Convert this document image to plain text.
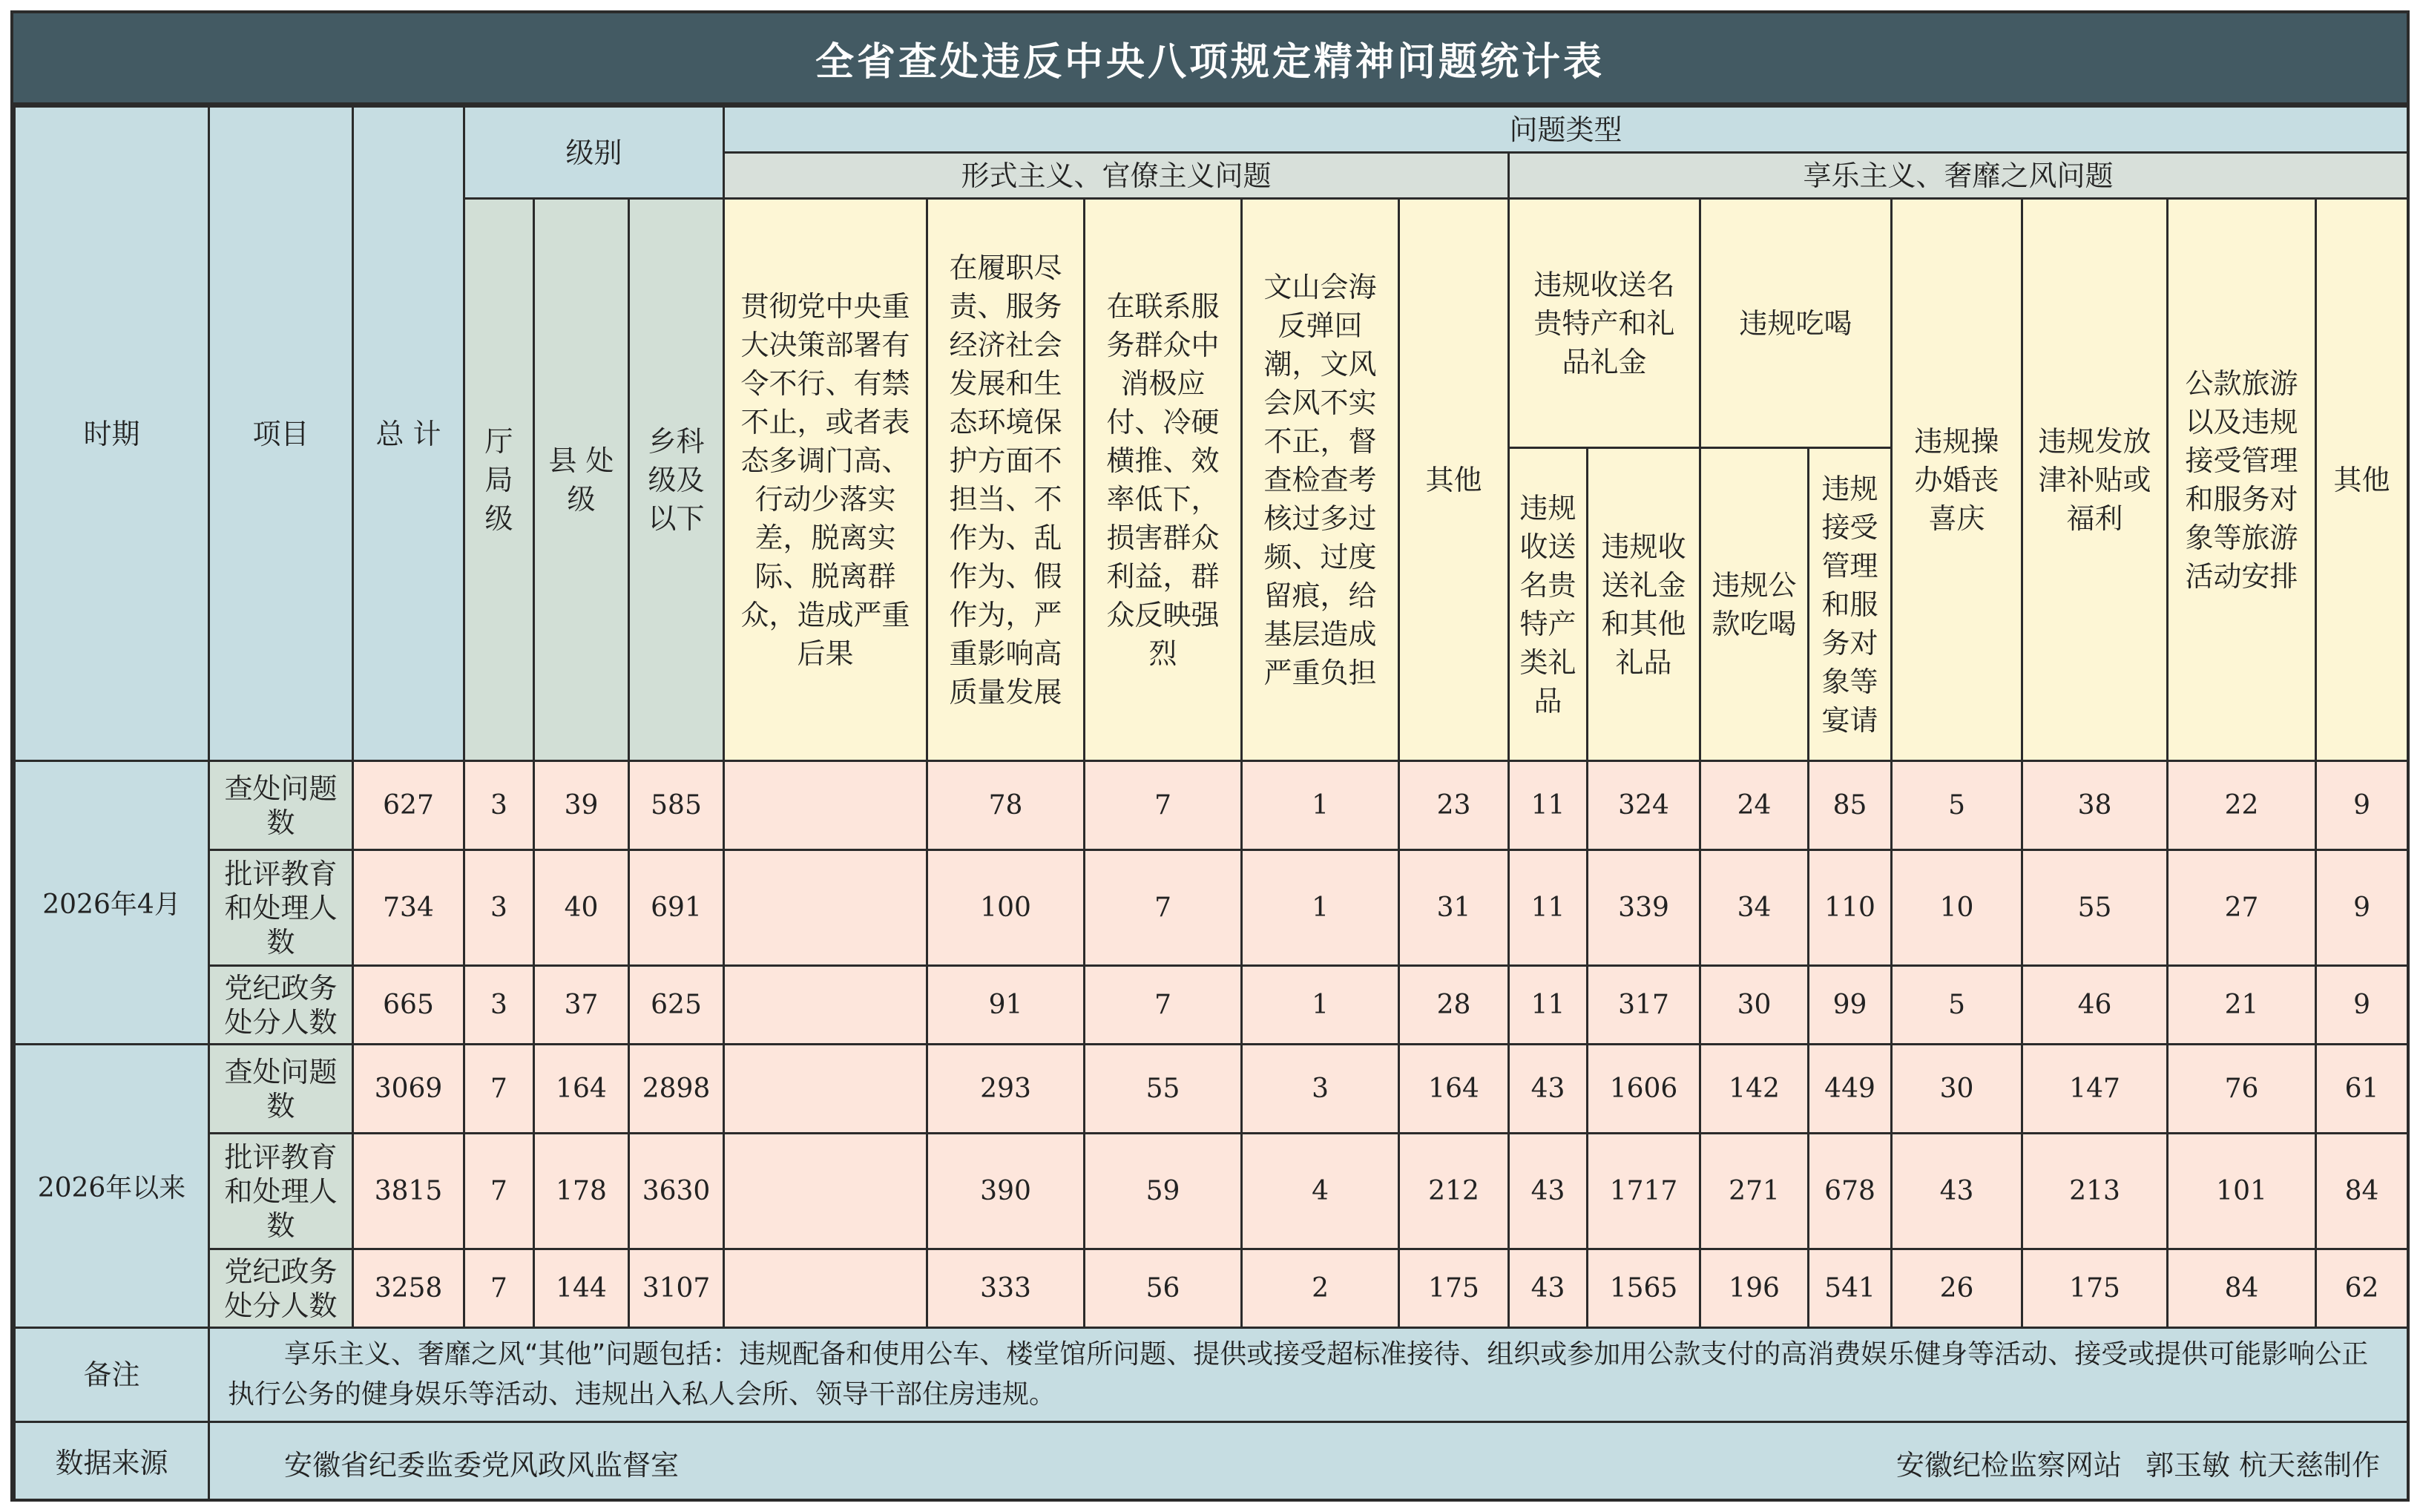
全省查处违反中央八项规定精神问题统计表
时期	项目	总 计	级别			问题类型												
						形式主义、官僚主义问题					享乐主义、奢靡之风问题							
			厅局级	县 处 级	乡科级及以下	贯彻党中央重大决策部署有令不行、有禁不止，或者表态多调门高、行动少落实差，脱离实际、脱离群众，造成严重后果	在履职尽责、服务经济社会发展和生态环境保护方面不担当、不作为、乱作为、假作为，严重影响高质量发展	在联系服务群众中消极应付、冷硬横推、效率低下，损害群众利益，群众反映强烈	文山会海反弹回潮，文风会风不实不正，督查检查考核过多过频、过度留痕，给基层造成严重负担	其他	违规收送名贵特产和礼品礼金		违规吃喝		违规操办婚丧喜庆	违规发放津补贴或福利	公款旅游以及违规接受管理和服务对象等旅游活动安排	其他
											违规收送名贵特产类礼品	违规收送礼金和其他礼品	违规公款吃喝	违规接受管理和服务对象等宴请				
2026年4月	查处问题数	627	3	39	585		78	7	1	23	11	324	24	85	5	38	22	9
	批评教育和处理人数	734	3	40	691		100	7	1	31	11	339	34	110	10	55	27	9
	党纪政务处分人数	665	3	37	625		91	7	1	28	11	317	30	99	5	46	21	9
2026年以来	查处问题数	3069	7	164	2898		293	55	3	164	43	1606	142	449	30	147	76	61
	批评教育和处理人数	3815	7	178	3630		390	59	4	212	43	1717	271	678	43	213	101	84
	党纪政务处分人数	3258	7	144	3107		333	56	2	175	43	1565	196	541	26	175	84	62
备注	享乐主义、奢靡之风“其他”问题包括：违规配备和使用公车、楼堂馆所问题、提供或接受超标准接待、组织或参加用公款支付的高消费娱乐健身等活动、接受或提供可能影响公正执行公务的健身娱乐等活动、违规出入私人会所、领导干部住房违规。																	

数据来源	安徽省纪委监委党风政风监督室 安徽纪检监察网站 郭玉敏 杭天慈制作																	
